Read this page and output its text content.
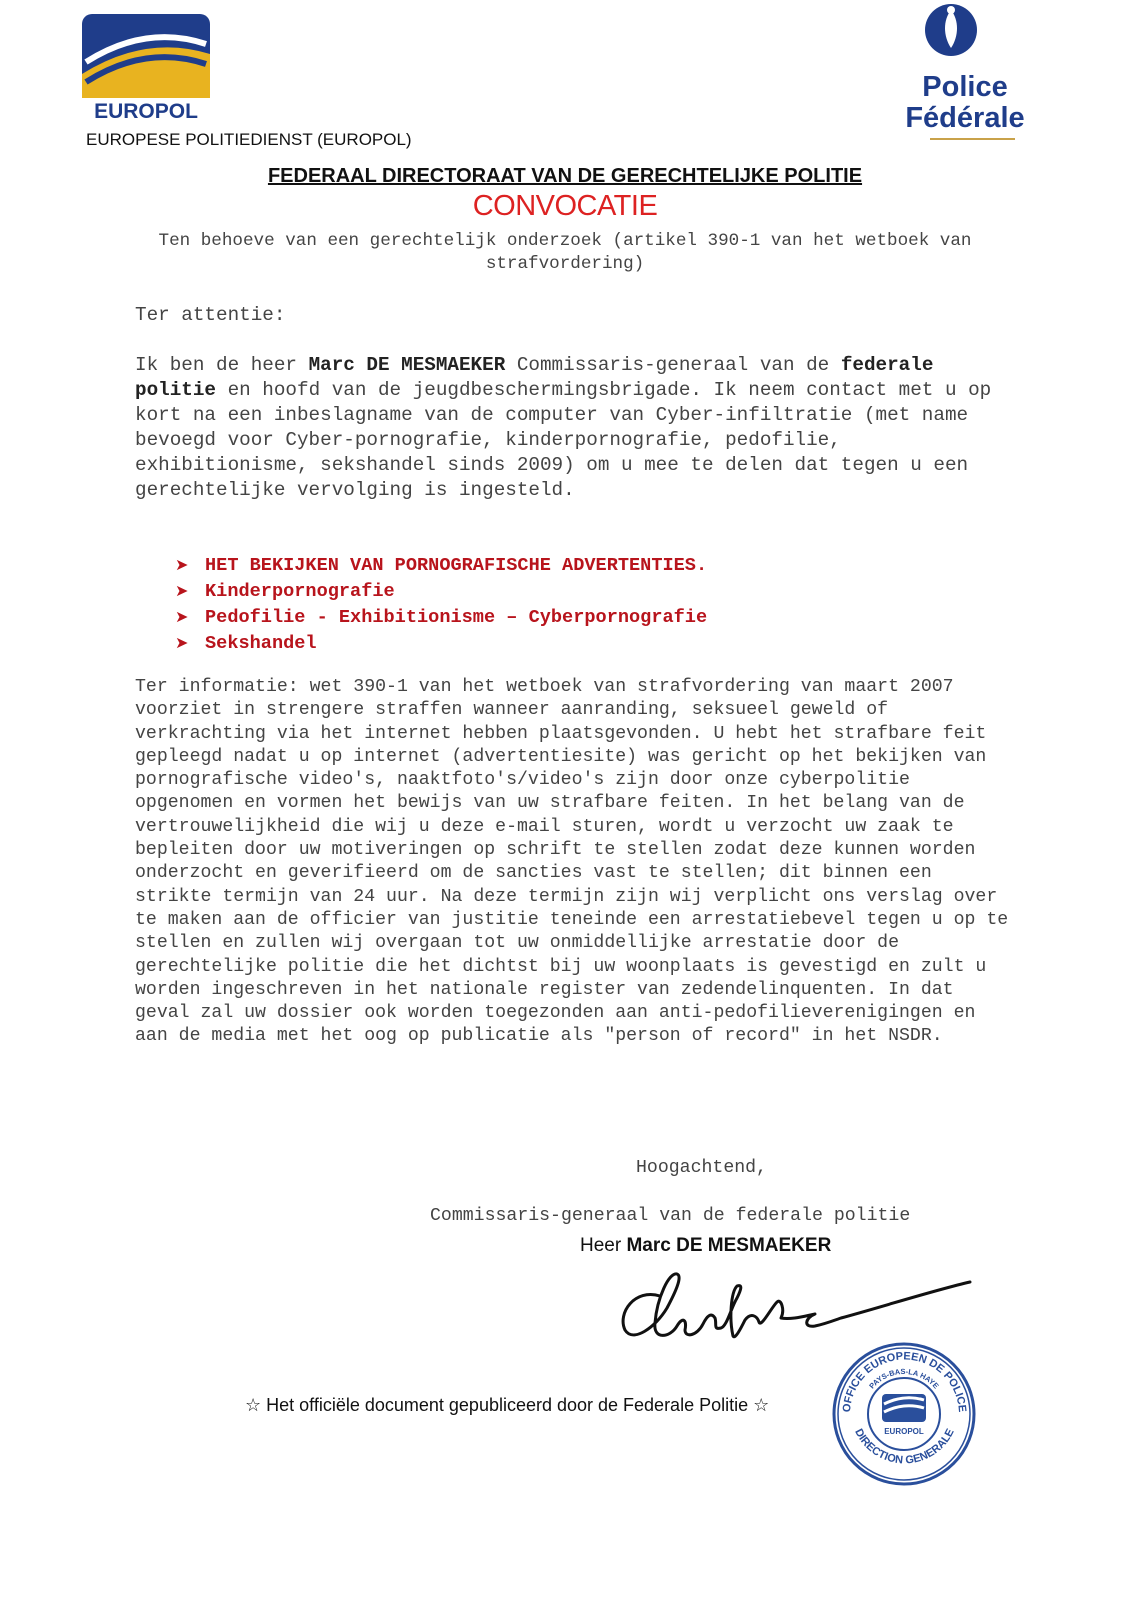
EUROPOL
EUROPESE POLITIEDIENST (EUROPOL)
Police
Fédérale
FEDERAAL DIRECTORAAT VAN DE GERECHTELIJKE POLITIE
CONVOCATIE
Ten behoeve van een gerechtelijk onderzoek (artikel 390-1 van het wetboek van strafvordering)
Ter attentie:
Ik ben de heer Marc DE MESMAEKER Commissaris-generaal van de federale politie en hoofd van de jeugdbeschermingsbrigade. Ik neem contact met u op kort na een inbeslagname van de computer van Cyber-infiltratie (met name bevoegd voor Cyber-pornografie, kinderpornografie, pedofilie, exhibitionisme, sekshandel sinds 2009) om u mee te delen dat tegen u een gerechtelijke vervolging is ingesteld.
➤ HET BEKIJKEN VAN PORNOGRAFISCHE ADVERTENTIES.
➤ Kinderpornografie
➤ Pedofilie - Exhibitionisme – Cyberpornografie
➤ Sekshandel
Ter informatie: wet 390-1 van het wetboek van strafvordering van maart 2007 voorziet in strengere straffen wanneer aanranding, seksueel geweld of verkrachting via het internet hebben plaatsgevonden. U hebt het strafbare feit gepleegd nadat u op internet (advertentiesite) was gericht op het bekijken van pornografische video's, naaktfoto's/video's zijn door onze cyberpolitie opgenomen en vormen het bewijs van uw strafbare feiten. In het belang van de vertrouwelijkheid die wij u deze e-mail sturen, wordt u verzocht uw zaak te bepleiten door uw motiveringen op schrift te stellen zodat deze kunnen worden onderzocht en geverifieerd om de sancties vast te stellen; dit binnen een strikte termijn van 24 uur. Na deze termijn zijn wij verplicht ons verslag over te maken aan de officier van justitie teneinde een arrestatiebevel tegen u op te stellen en zullen wij overgaan tot uw onmiddellijke arrestatie door de gerechtelijke politie die het dichtst bij uw woonplaats is gevestigd en zult u worden ingeschreven in het nationale register van zedendelinquenten. In dat geval zal uw dossier ook worden toegezonden aan anti-pedofilieverenigingen en aan de media met het oog op publicatie als "person of record" in het NSDR.
Hoogachtend,
Commissaris-generaal van de federale politie
Heer Marc DE MESMAEKER
OFFICE EUROPEEN DE POLICE
PAYS-BAS-LA HAYE
DIRECTION GENERALE
EUROPOL
☆ Het officiële document gepubliceerd door de Federale Politie ☆
